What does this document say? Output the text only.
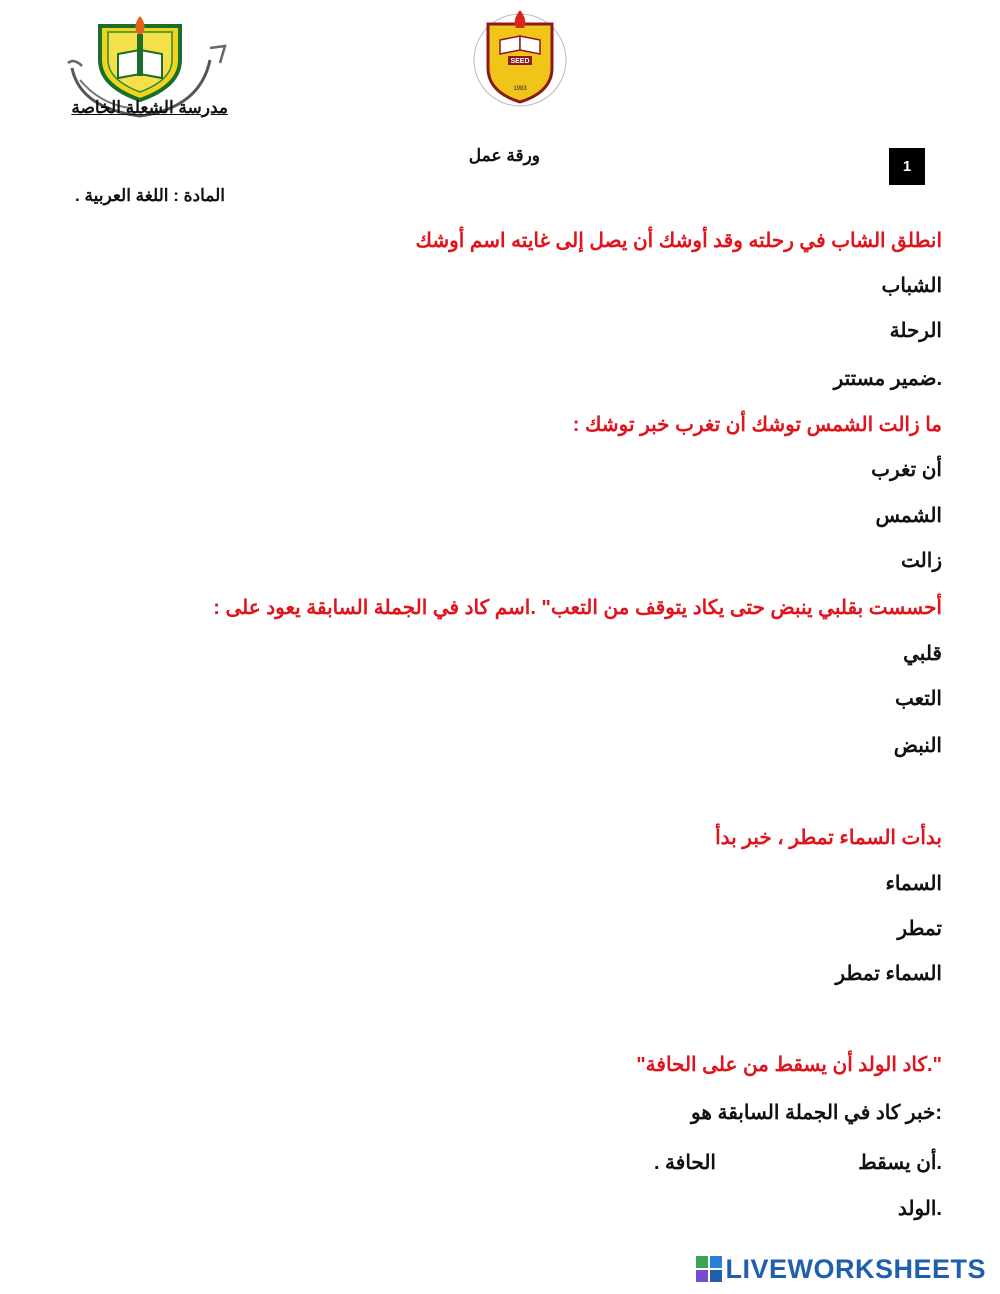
مدرسة الشعلة الخاصة
SEED
1983
ورقة عمل
1
المادة : اللغة العربية .
انطلق الشاب في رحلته وقد أوشك أن يصل إلى غايته اسم أوشك
الشباب
الرحلة
.ضمير مستتر
ما زالت الشمس توشك أن تغرب خبر توشك :
أن تغرب
الشمس
زالت
أحسست بقلبي ينبض حتى يكاد يتوقف من التعب" .اسم كاد في الجملة السابقة يعود على :
قلبي
التعب
النبض
بدأت السماء تمطر ، خبر بدأ
السماء
تمطر
السماء تمطر
".كاد الولد أن يسقط من على الحافة"
:خبر كاد في الجملة السابقة هو
.أن يسقط
الحافة .
.الولد
LIVEWORKSHEETS
